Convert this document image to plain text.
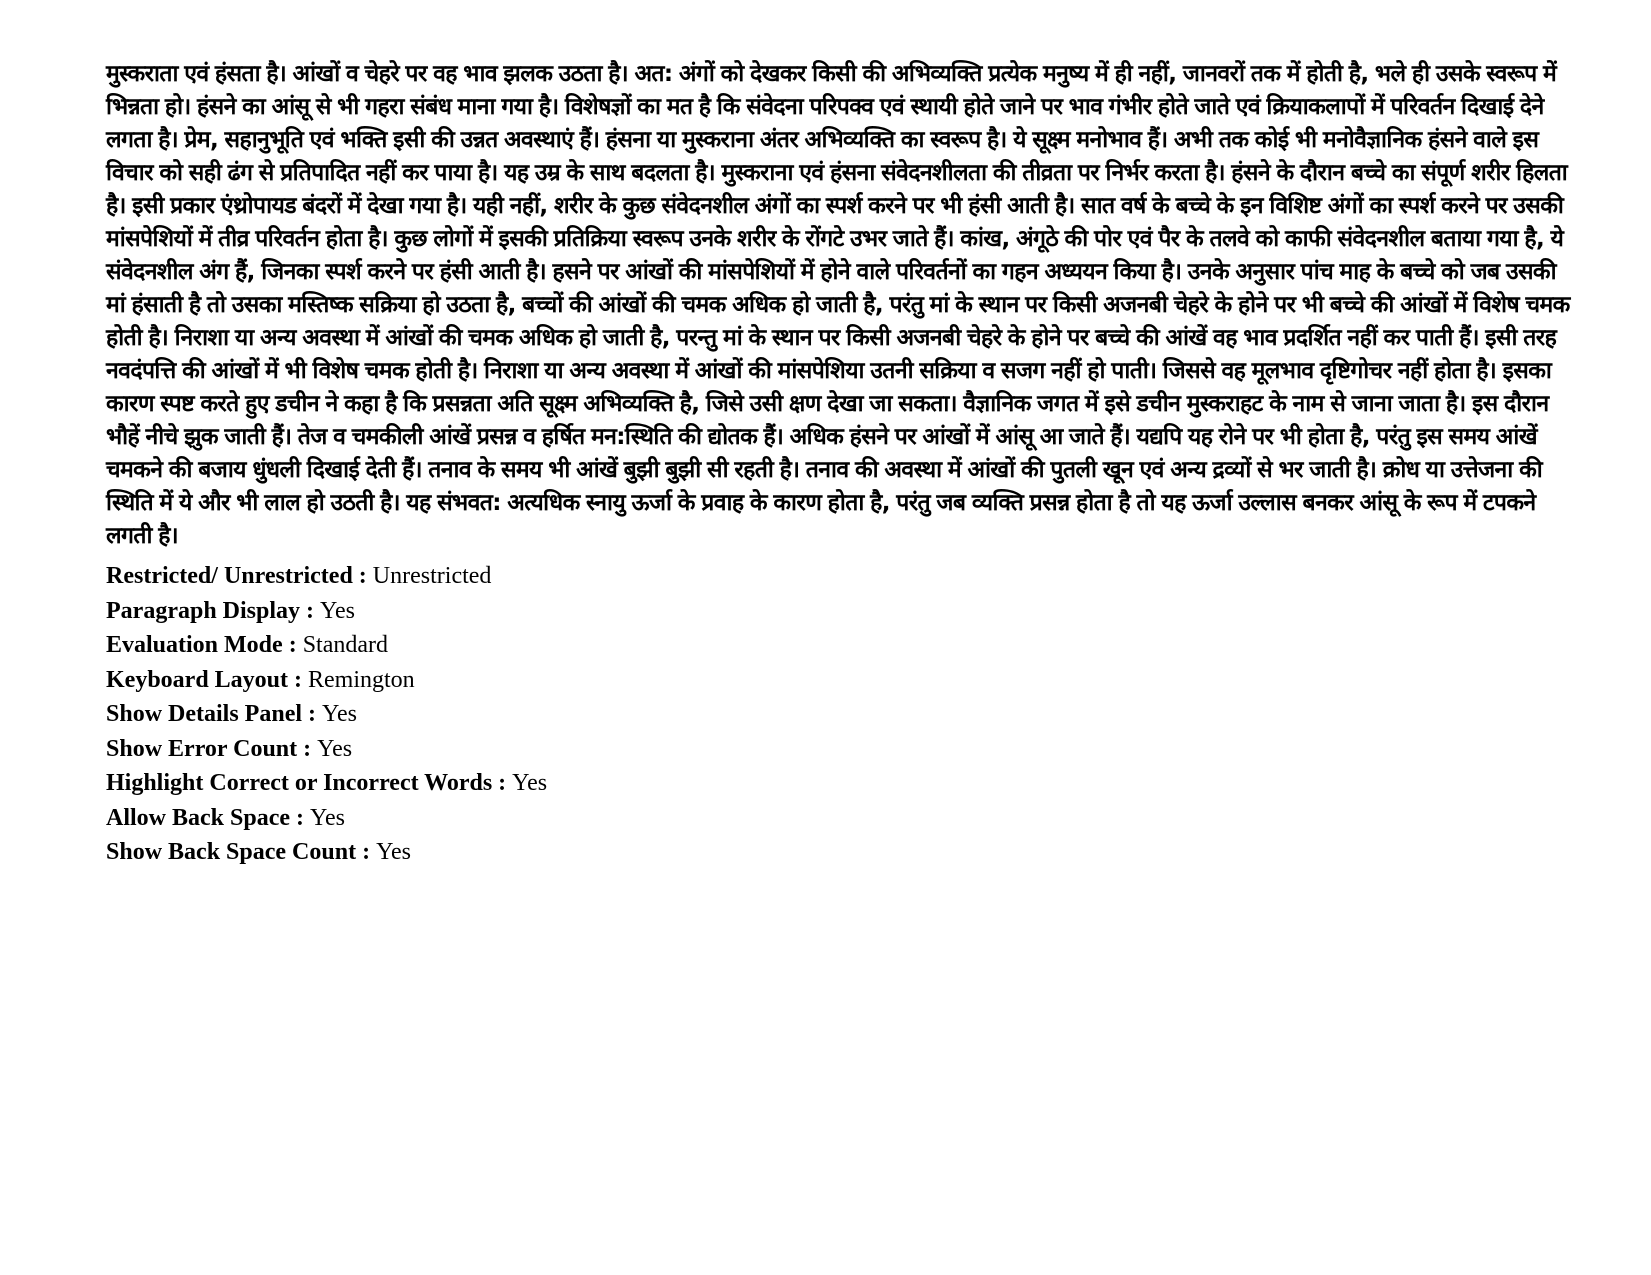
मुस्कराता एवं हंसता है। आंखों व चेहरे पर वह भाव झलक उठता है। अत: अंगों को देखकर किसी की अभिव्यक्ति प्रत्येक मनुष्य में ही नहीं, जानवरों तक में होती है, भले ही उसके स्वरूप में भिन्नता हो। हंसने का आंसू से भी गहरा संबंध माना गया है। विशेषज्ञों का मत है कि संवेदना परिपक्व एवं स्थायी होते जाने पर भाव गंभीर होते जाते एवं क्रियाकलापों में परिवर्तन दिखाई देने लगता है। प्रेम, सहानुभूति एवं भक्ति इसी की उन्नत अवस्थाएं हैं। हंसना या मुस्कराना अंतर अभिव्यक्ति का स्वरूप है। ये सूक्ष्म मनोभाव हैं। अभी तक कोई भी मनोवैज्ञानिक हंसने वाले इस विचार को सही ढंग से प्रतिपादित नहीं कर पाया है। यह उम्र के साथ बदलता है। मुस्कराना एवं हंसना संवेदनशीलता की तीव्रता पर निर्भर करता है। हंसने के दौरान बच्चे का संपूर्ण शरीर हिलता है। इसी प्रकार एंथ्रोपायड बंदरों में देखा गया है। यही नहीं, शरीर के कुछ संवेदनशील अंगों का स्पर्श करने पर भी हंसी आती है। सात वर्ष के बच्चे के इन विशिष्ट अंगों का स्पर्श करने पर उसकी मांसपेशियों में तीव्र परिवर्तन होता है। कुछ लोगों में इसकी प्रतिक्रिया स्वरूप उनके शरीर के रोंगटे उभर जाते हैं। कांख, अंगूठे की पोर एवं पैर के तलवे को काफी संवेदनशील बताया गया है, ये संवेदनशील अंग हैं, जिनका स्पर्श करने पर हंसी आती है। हसने पर आंखों की मांसपेशियों में होने वाले परिवर्तनों का गहन अध्ययन किया है। उनके अनुसार पांच माह के बच्चे को जब उसकी मां हंसाती है तो उसका मस्तिष्क सक्रिया हो उठता है, बच्चों की आंखों की चमक अधिक हो जाती है, परंतु मां के स्थान पर किसी अजनबी चेहरे के होने पर भी बच्चे की आंखों में विशेष चमक होती है। निराशा या अन्य अवस्था में आंखों की चमक अधिक हो जाती है, परन्तु मां के स्थान पर किसी अजनबी चेहरे के होने पर बच्चे की आंखें वह भाव प्रदर्शित नहीं कर पाती हैं। इसी तरह नवदंपत्ति की आंखों में भी विशेष चमक होती है। निराशा या अन्य अवस्था में आंखों की मांसपेशिया उतनी सक्रिया व सजग नहीं हो पाती। जिससे वह मूलभाव दृष्टिगोचर नहीं होता है। इसका कारण स्पष्ट करते हुए डचीन ने कहा है कि प्रसन्नता अति सूक्ष्म अभिव्यक्ति है, जिसे उसी क्षण देखा जा सकता। वैज्ञानिक जगत में इसे डचीन मुस्कराहट के नाम से जाना जाता है। इस दौरान भौहें नीचे झुक जाती हैं। तेज व चमकीली आंखें प्रसन्न व हर्षित मन:स्थिति की द्योतक हैं। अधिक हंसने पर आंखों में आंसू आ जाते हैं। यद्यपि यह रोने पर भी होता है, परंतु इस समय आंखें चमकने की बजाय धुंधली दिखाई देती हैं। तनाव के समय भी आंखें बुझी बुझी सी रहती है। तनाव की अवस्था में आंखों की पुतली खून एवं अन्य द्रव्यों से भर जाती है। क्रोध या उत्तेजना की स्थिति में ये और भी लाल हो उठती है। यह संभवत: अत्यधिक स्नायु ऊर्जा के प्रवाह के कारण होता है, परंतु जब व्यक्ति प्रसन्न होता है तो यह ऊर्जा उल्लास बनकर आंसू के रूप में टपकने लगती है।

Restricted/ Unrestricted : Unrestricted
Paragraph Display : Yes
Evaluation Mode : Standard
Keyboard Layout : Remington
Show Details Panel : Yes
Show Error Count : Yes
Highlight Correct or Incorrect Words : Yes
Allow Back Space : Yes
Show Back Space Count : Yes
